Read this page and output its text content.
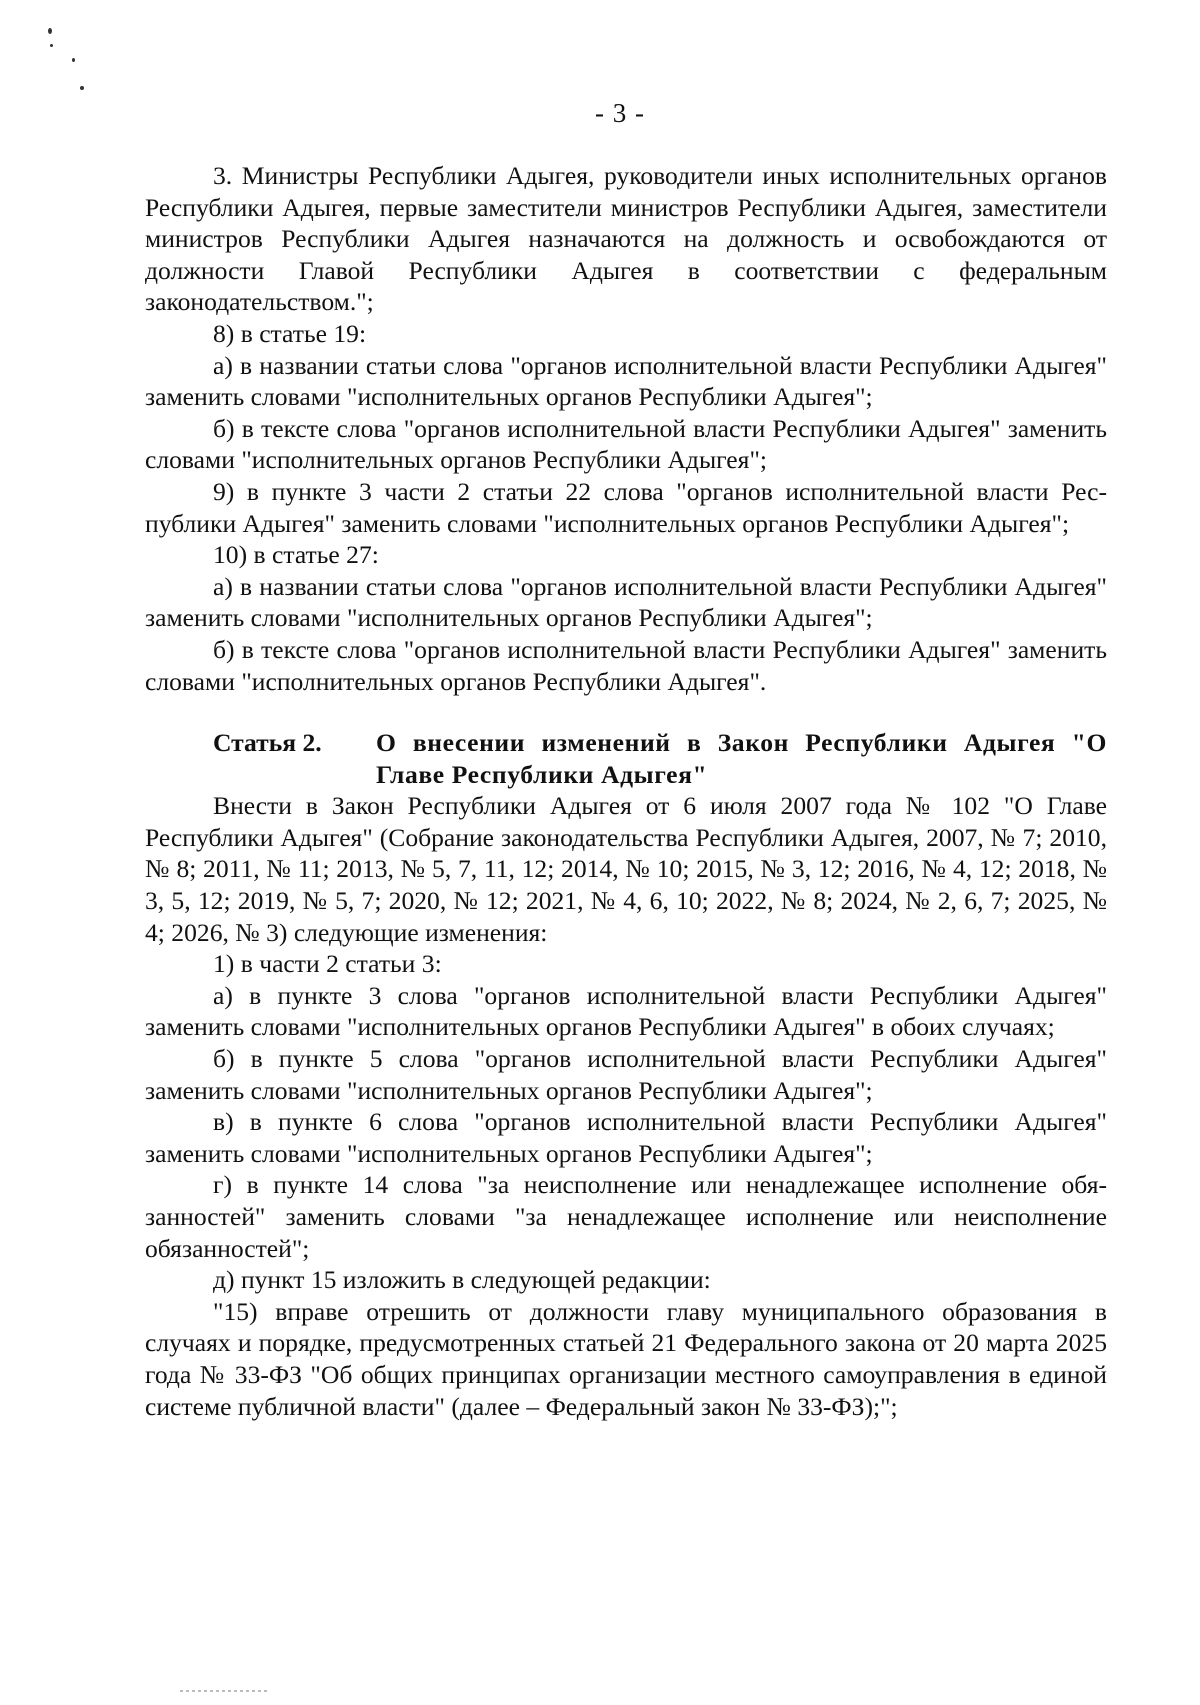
- 3 -

3. Министры Республики Адыгея, руководители иных исполнительных органов Республики Адыгея, первые заместители министров Республики Адыгея, заместители министров Республики Адыгея назначаются на должность и освобождаются от должности Главой Республики Адыгея в соответствии с федеральным законодательством.";

8) в статье 19:

а) в названии статьи слова "органов исполнительной власти Республики Адыгея" заменить словами "исполнительных органов Республики Адыгея";

б) в тексте слова "органов исполнительной власти Республики Адыгея" заменить словами "исполнительных органов Республики Адыгея";

9) в пункте 3 части 2 статьи 22 слова "органов исполнительной власти Республики Адыгея" заменить словами "исполнительных органов Республики Адыгея";

10) в статье 27:

а) в названии статьи слова "органов исполнительной власти Республики Адыгея" заменить словами "исполнительных органов Республики Адыгея";

б) в тексте слова "органов исполнительной власти Республики Адыгея" заменить словами "исполнительных органов Республики Адыгея".

Статья 2.	О внесении изменений в Закон Республики Адыгея "О Главе Республики Адыгея"

Внести в Закон Республики Адыгея от 6 июля 2007 года № 102 "О Главе Республики Адыгея" (Собрание законодательства Республики Адыгея, 2007, № 7; 2010, № 8; 2011, № 11; 2013, № 5, 7, 11, 12; 2014, № 10; 2015, № 3, 12; 2016, № 4, 12; 2018, № 3, 5, 12; 2019, № 5, 7; 2020, № 12; 2021, № 4, 6, 10; 2022, № 8; 2024, № 2, 6, 7; 2025, № 4; 2026, № 3) следующие изменения:

1) в части 2 статьи 3:

а) в пункте 3 слова "органов исполнительной власти Республики Адыгея" заменить словами "исполнительных органов Республики Адыгея" в обоих случаях;

б) в пункте 5 слова "органов исполнительной власти Республики Адыгея" заменить словами "исполнительных органов Республики Адыгея";

в) в пункте 6 слова "органов исполнительной власти Республики Адыгея" заменить словами "исполнительных органов Республики Адыгея";

г) в пункте 14 слова "за неисполнение или ненадлежащее исполнение обязанностей" заменить словами "за ненадлежащее исполнение или неисполнение обязанностей";

д) пункт 15 изложить в следующей редакции:

"15) вправе отрешить от должности главу муниципального образования в случаях и порядке, предусмотренных статьей 21 Федерального закона от 20 марта 2025 года № 33-ФЗ "Об общих принципах организации местного самоуправления в единой системе публичной власти" (далее – Федеральный закон № 33-ФЗ);";
